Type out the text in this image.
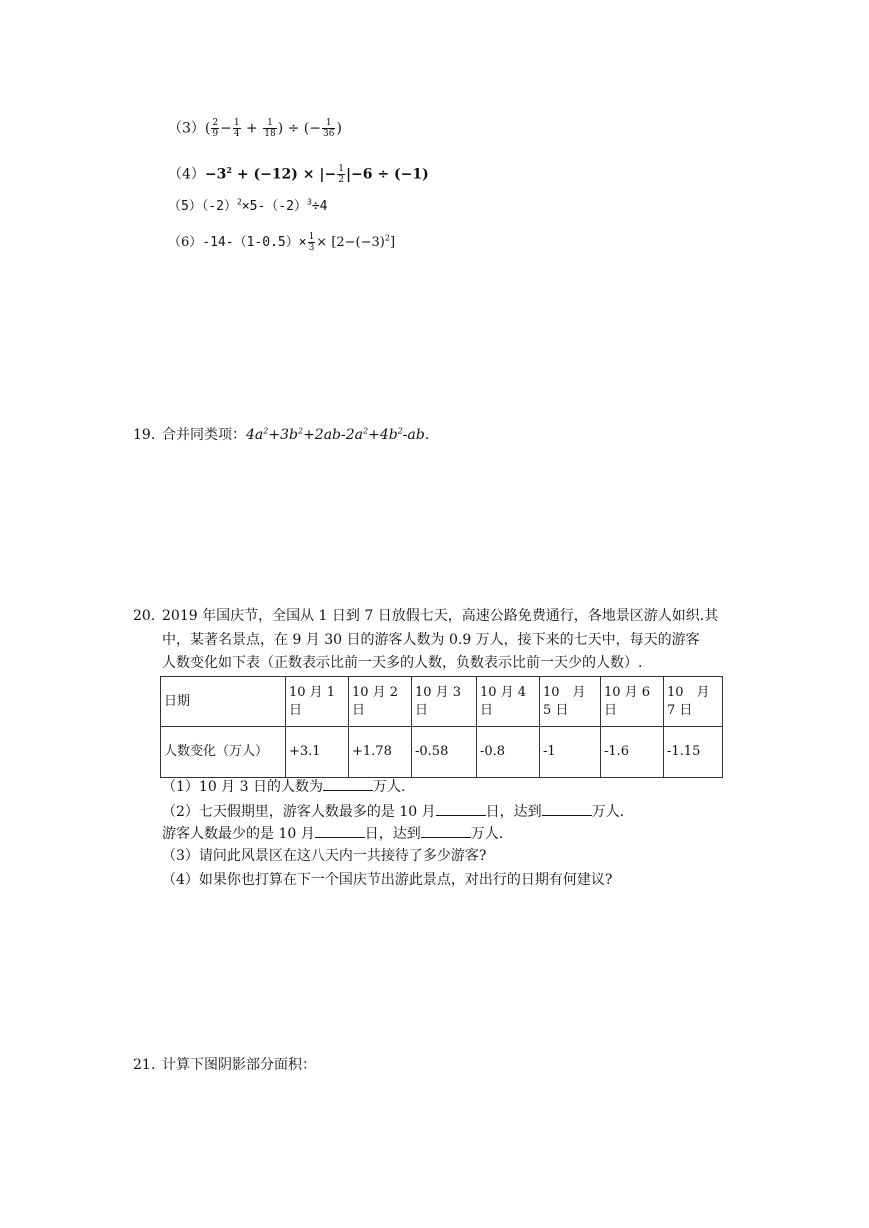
$(3)( \frac{2}{9} - \frac{1}{4} + \frac{1}{18}$ ) ÷ (− $\frac{1}{36}$ )
$(4)-3^2 + (-12)$ × |− $\frac{1}{2} |-6 \div (-1)$
$(5)(-2)^2\times 5-(-2)^3\div 4$
$(6)-14-(1-0.5)\times \frac{1}{3} \times [2-(-3)^2]$
19. 合并同类项：$4a^2+3b^2+2ab-2a^2+4b^2-ab$.
20. 2019 年国庆节，全国从 1 日到 7 日放假七天，高速公路免费通行，各地景区游人如织.其
中，某著名景点，在 9 月 30 日的游客人数为 0.9 万人，接下来的七天中，每天的游客
人数变化如下表（正数表示比前一天多的人数，负数表示比前一天少的人数）.
日期	10 月 1 日	10 月 2 日	10 月 3 日	10 月 4 日	10　月　5 日	10 月 6 日	10　月　7 日
人数变化（万人）	+3.1	+1.78	-0.58	-0.8	-1	-1.6	-1.15
（1）10 月 3 日的人数为	万人.
（2）七天假期里，游客人数最多的是 10 月	日，达到	万人.
游客人数最少的是 10 月	日，达到	万人.
（3）请问此风景区在这八天内一共接待了多少游客?
（4）如果你也打算在下一个国庆节出游此景点，对出行的日期有何建议?
21. 计算下图阴影部分面积：
